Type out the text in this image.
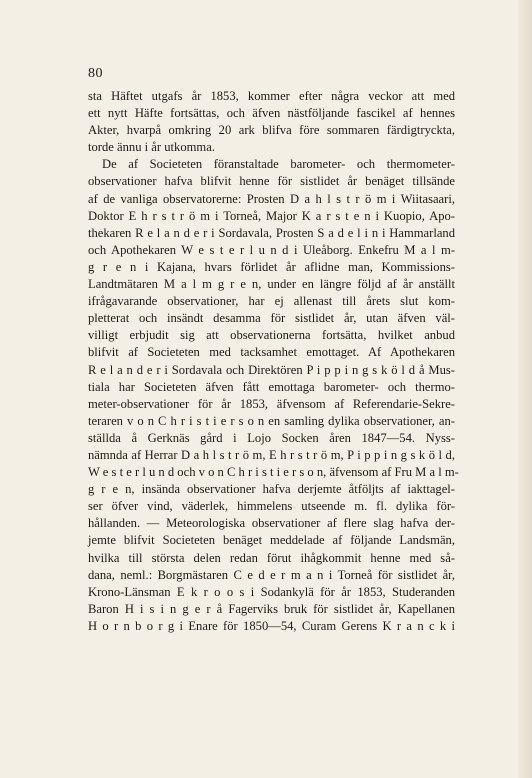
80
sta Häftet utgafs år 1853, kommer efter några veckor att med
ett nytt Häfte fortsättas, och äfven nästföljande fascikel af hennes
Akter, hvarpå omkring 20 ark blifva före sommaren färdigtryckta,
torde ännu i år utkomma.
De af Societeten föranstaltade barometer- och thermometer-
observationer hafva blifvit henne för sistlidet år benäget tillsände
af de vanliga observatorerne: Prosten D a h l s t r ö m i Wiitasaari,
Doktor E h r s t r ö m i Torneå, Major K a r s t e n i Kuopio, Apo-
thekaren R e l a n d e r i Sordavala, Prosten S a d e l i n i Hammarland
och Apothekaren W e s t e r l u n d i Uleåborg. Enkefru M a l m-
g r e n i Kajana, hvars förlidet år aflidne man, Kommissions-
Landtmätaren M a l m g r e n, under en längre följd af år anställt
ifrågavarande observationer, har ej allenast till årets slut kom-
pletterat och insändt desamma för sistlidet år, utan äfven väl-
villigt erbjudit sig att observationerna fortsätta, hvilket anbud
blifvit af Societeten med tacksamhet emottaget. Af Apothekaren
R e l a n d e r i Sordavala och Direktören P i p p i n g s k ö l d å Mus-
tiala har Societeten äfven fått emottaga barometer- och thermo-
meter-observationer för år 1853, äfvensom af Referendarie-Sekre-
teraren v o n C h r i s t i e r s o n en samling dylika observationer, an-
ställda å Gerknäs gård i Lojo Socken åren 1847—54. Nyss-
nämnda af Herrar D a h l s t r ö m, E h r s t r ö m, P i p p i n g s k ö l d,
W e s t e r l u n d och v o n C h r i s t i e r s o n, äfvensom af Fru M a l m-
g r e n, insända observationer hafva derjemte åtföljts af iakttagel-
ser öfver vind, väderlek, himmelens utseende m. fl. dylika för-
hållanden. — Meteorologiska observationer af flere slag hafva der-
jemte blifvit Societeten benäget meddelade af följande Landsmän,
hvilka till största delen redan förut ihågkommit henne med så-
dana, neml.: Borgmästaren C e d e r m a n i Torneå för sistlidet år,
Krono-Länsman E k r o o s i Sodankylä för år 1853, Studeranden
Baron H i s i n g e r å Fagerviks bruk för sistlidet år, Kapellanen
H o r n b o r g i Enare för 1850—54, Curam Gerens K r a n c k i
